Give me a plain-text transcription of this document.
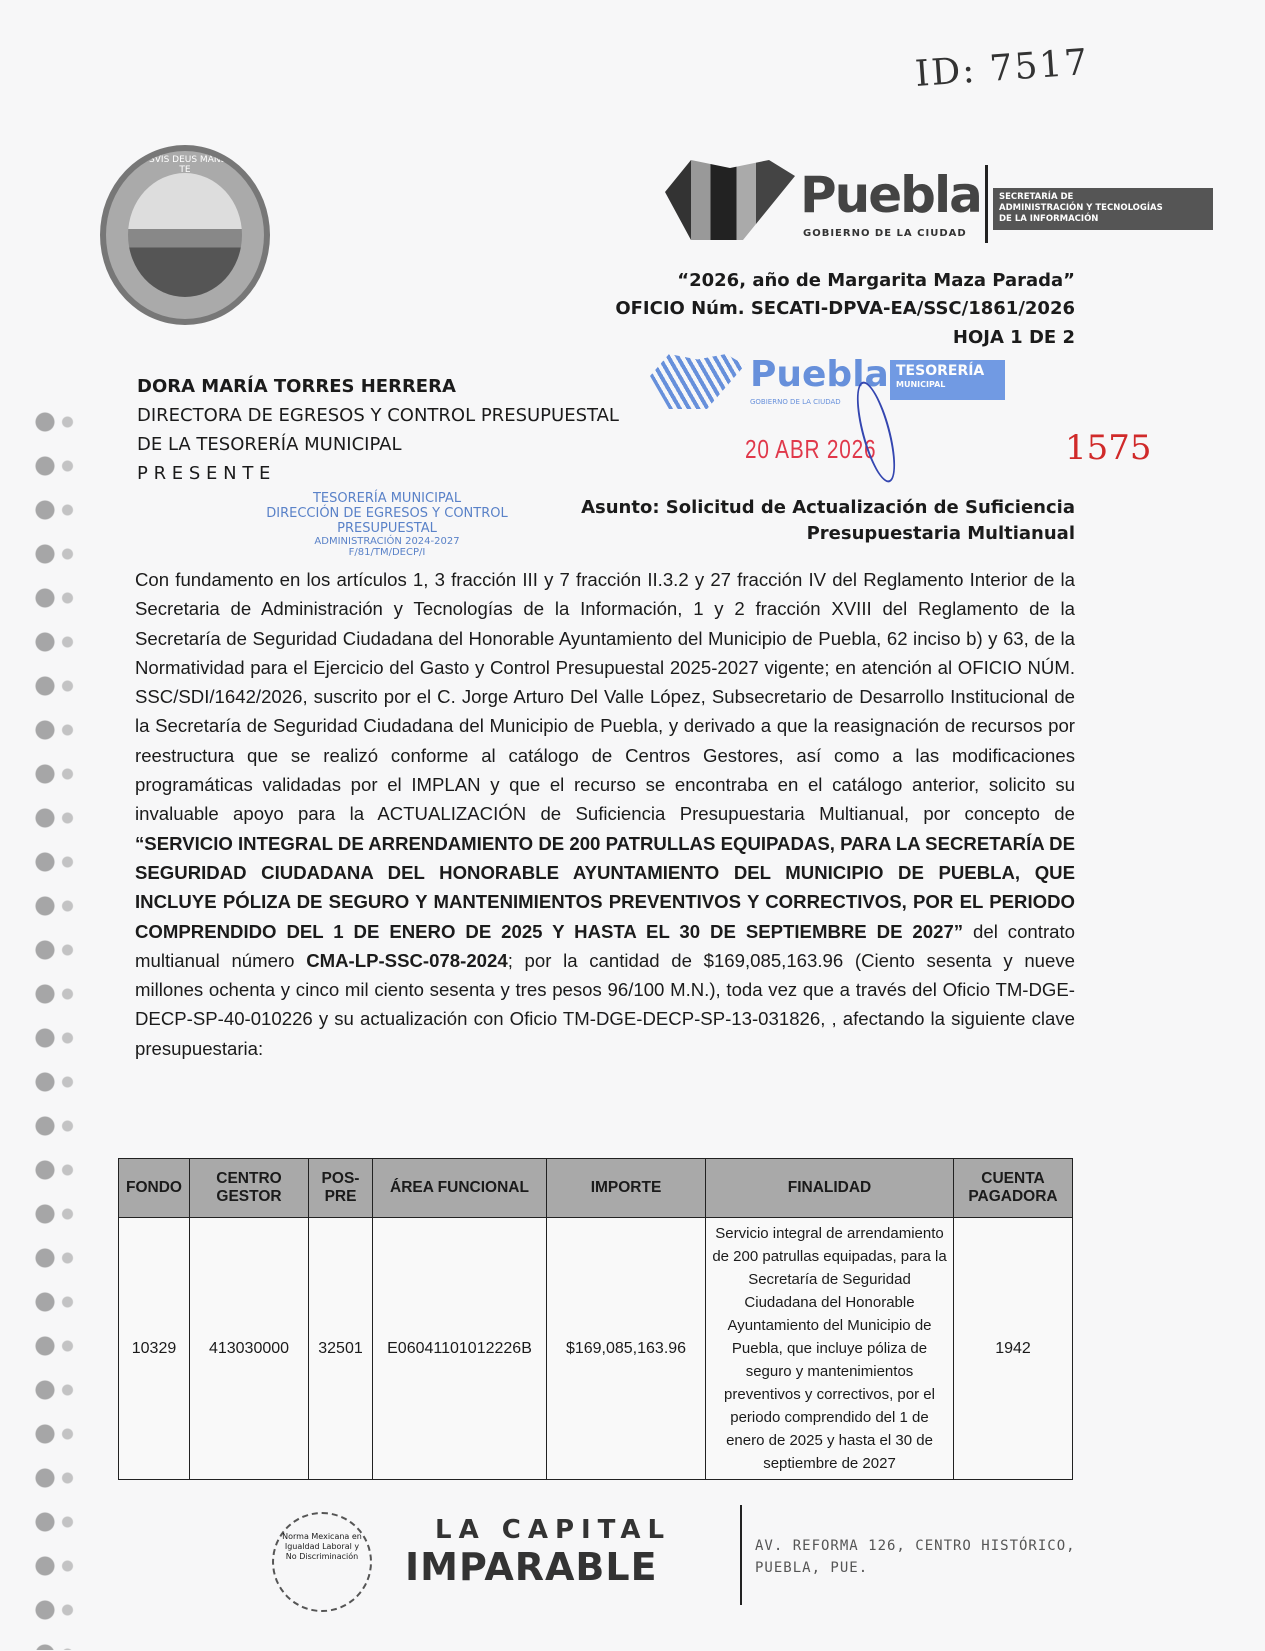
ID: 7517
ANGELIS SVIS DEUS MANDAVIT DE TE	Puebla
GOBIERNO DE LA CIUDAD
SECRETARÍA DE
ADMINISTRACIÓN Y TECNOLOGÍAS
DE LA INFORMACIÓN
“2026, año de Margarita Maza Parada”
OFICIO Núm. SECATI-DPVA-EA/SSC/1861/2026
HOJA 1 DE 2
Puebla
GOBIERNO DE LA CIUDAD
TESORERÍA
MUNICIPAL
20 ABR 2026	1575
DORA MARÍA TORRES HERRERA
DIRECTORA DE EGRESOS Y CONTROL PRESUPUESTAL
DE LA TESORERÍA MUNICIPAL
P R E S E N T E
TESORERÍA MUNICIPAL
DIRECCIÓN DE EGRESOS Y CONTROL
PRESUPUESTAL
ADMINISTRACIÓN 2024-2027
F/81/TM/DECP/I
Asunto: Solicitud de Actualización de Suficiencia
Presupuestaria Multianual
Con fundamento en los artículos 1, 3 fracción III y 7 fracción II.3.2 y 27 fracción IV del Reglamento Interior de la Secretaria de Administración y Tecnologías de la Información, 1 y 2 fracción XVIII del Reglamento de la Secretaría de Seguridad Ciudadana del Honorable Ayuntamiento del Municipio de Puebla, 62 inciso b) y 63, de la Normatividad para el Ejercicio del Gasto y Control Presupuestal 2025-2027 vigente; en atención al OFICIO NÚM. SSC/SDI/1642/2026, suscrito por el C. Jorge Arturo Del Valle López, Subsecretario de Desarrollo Institucional de la Secretaría de Seguridad Ciudadana del Municipio de Puebla, y derivado a que la reasignación de recursos por reestructura que se realizó conforme al catálogo de Centros Gestores, así como a las modificaciones programáticas validadas por el IMPLAN y que el recurso se encontraba en el catálogo anterior, solicito su invaluable apoyo para la ACTUALIZACIÓN de Suficiencia Presupuestaria Multianual, por concepto de “SERVICIO INTEGRAL DE ARRENDAMIENTO DE 200 PATRULLAS EQUIPADAS, PARA LA SECRETARÍA DE SEGURIDAD CIUDADANA DEL HONORABLE AYUNTAMIENTO DEL MUNICIPIO DE PUEBLA, QUE INCLUYE PÓLIZA DE SEGURO Y MANTENIMIENTOS PREVENTIVOS Y CORRECTIVOS, POR EL PERIODO COMPRENDIDO DEL 1 DE ENERO DE 2025 Y HASTA EL 30 DE SEPTIEMBRE DE 2027” del contrato multianual número CMA-LP-SSC-078-2024; por la cantidad de $169,085,163.96 (Ciento sesenta y nueve millones ochenta y cinco mil ciento sesenta y tres pesos 96/100 M.N.), toda vez que a través del Oficio TM-DGE-DECP-SP-40-010226 y su actualización con Oficio TM-DGE-DECP-SP-13-031826, , afectando la siguiente clave presupuestaria:
FONDO	CENTRO GESTOR	POS-PRE	ÁREA FUNCIONAL	IMPORTE	FINALIDAD	CUENTA PAGADORA
10329	413030000	32501	E06041101012226B	$169,085,163.96	Servicio integral de arrendamiento de 200 patrullas equipadas, para la Secretaría de Seguridad Ciudadana del Honorable Ayuntamiento del Municipio de Puebla, que incluye póliza de seguro y mantenimientos preventivos y correctivos, por el periodo comprendido del 1 de enero de 2025 y hasta el 30 de septiembre de 2027	1942
Norma Mexicana en Igualdad Laboral y No Discriminación
LA CAPITAL
IMPARABLE	AV. REFORMA 126, CENTRO HISTÓRICO,
PUEBLA, PUE.
